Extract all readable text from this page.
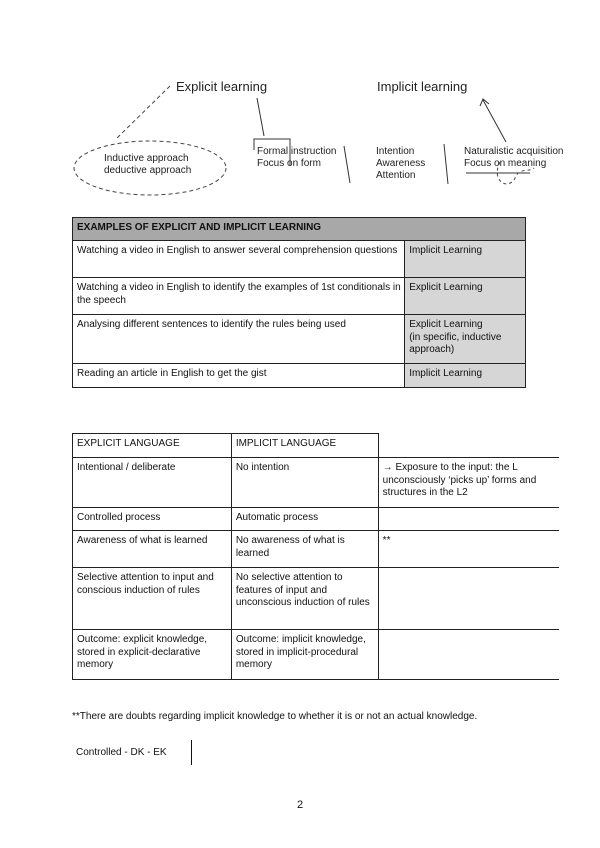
Explicit learning	Implicit learning
Inductive approach
deductive approach
Formal instruction
Focus on form
Intention
Awareness
Attention
Naturalistic acquisition
Focus on meaning
EXAMPLES OF EXPLICIT AND IMPLICIT LEARNING	
Watching a video in English to answer several comprehension questions	Implicit Learning
Watching a video in English to identify the examples of 1st conditionals in the speech	Explicit Learning
Analysing different sentences to identify the rules being used	Explicit Learning
(in specific, inductive approach)
Reading an article in English to get the gist	Implicit Learning
EXPLICIT LANGUAGE	IMPLICIT LANGUAGE	
Intentional / deliberate	No intention	→ Exposure to the input: the L unconsciously ‘picks up’ forms and structures in the L2
Controlled process	Automatic process	
Awareness of what is learned	No awareness of what is learned	**
Selective attention to input and conscious induction of rules	No selective attention to features of input and unconscious induction of rules	
Outcome: explicit knowledge, stored in explicit-declarative memory	Outcome: implicit knowledge, stored in implicit-procedural memory	
**There are doubts regarding implicit knowledge to whether it is or not an actual knowledge.
Controlled - DK - EK
2
